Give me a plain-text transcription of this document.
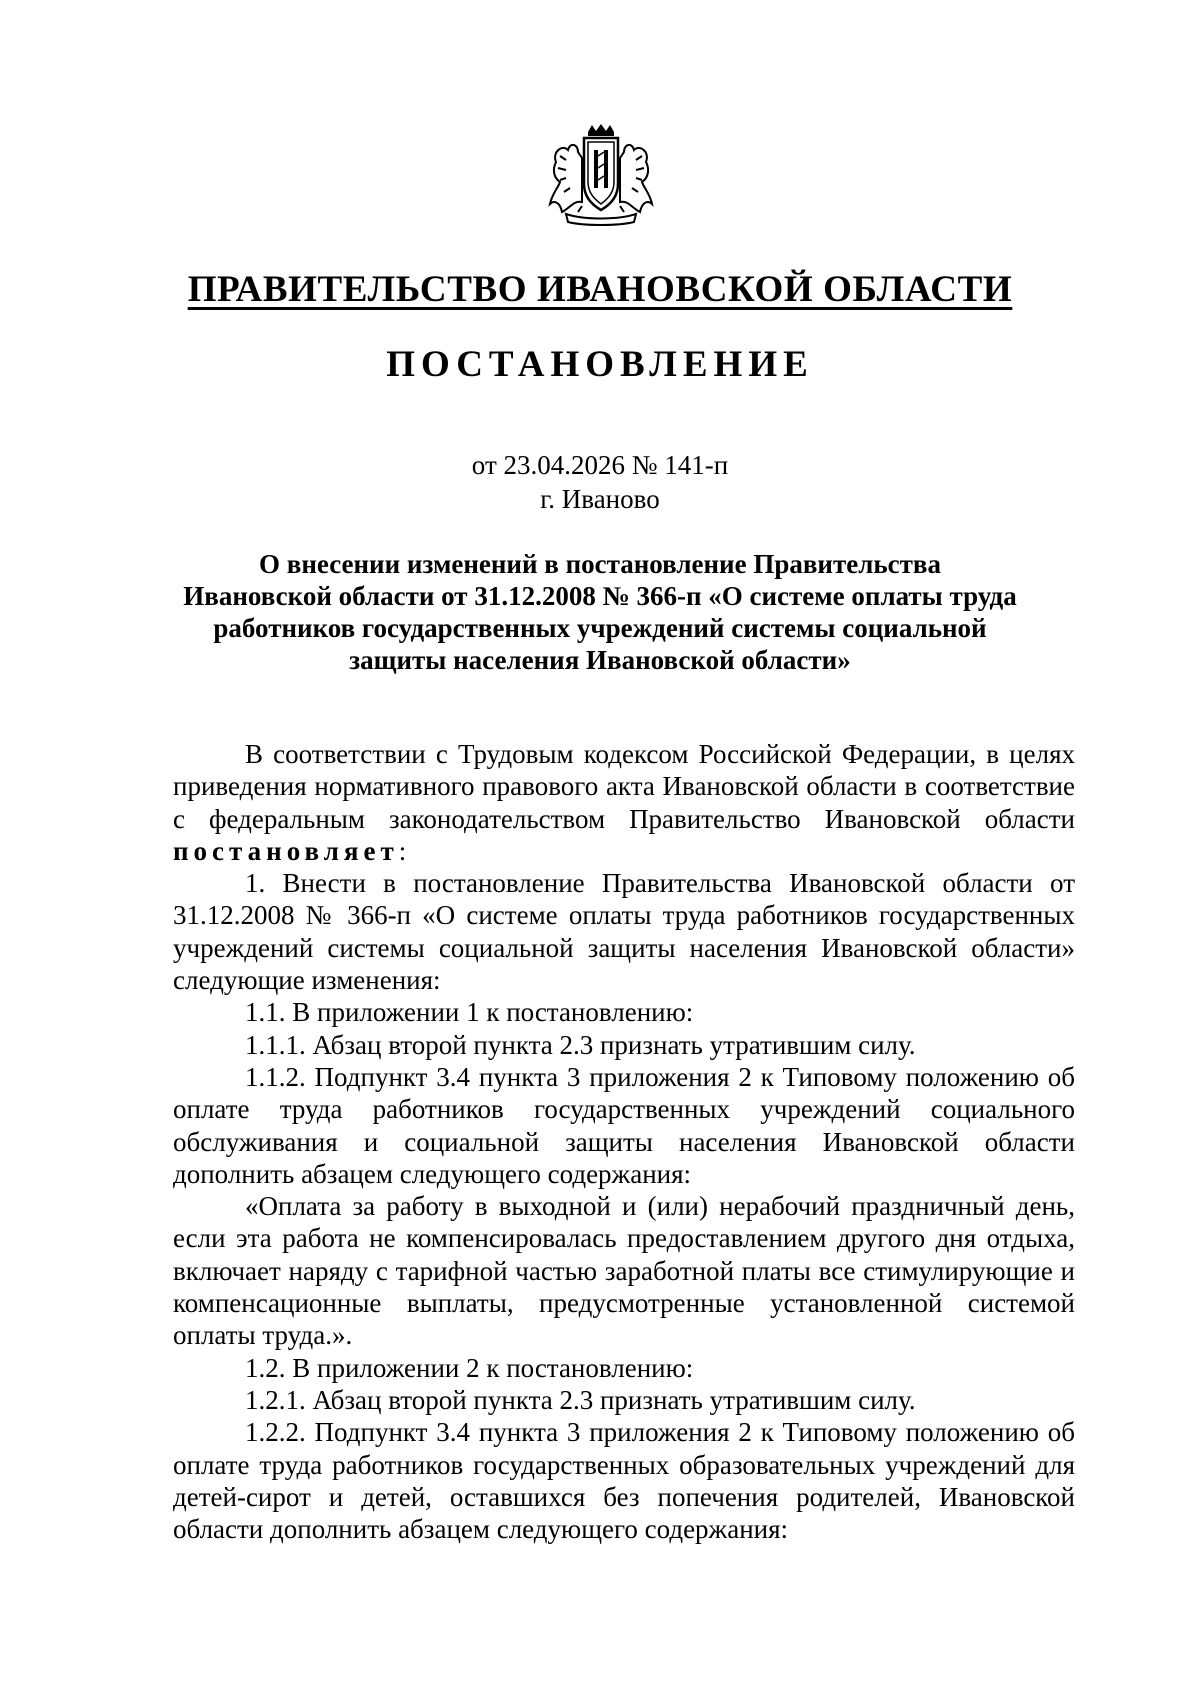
ПРАВИТЕЛЬСТВО ИВАНОВСКОЙ ОБЛАСТИ
ПОСТАНОВЛЕНИЕ
от 23.04.2026 № 141-п
г. Иваново
О внесении изменений в постановление Правительства
Ивановской области от 31.12.2008 № 366-п «О системе оплаты труда
работников государственных учреждений системы социальной
защиты населения Ивановской области»

В соответствии с Трудовым кодексом Российской Федерации, в целях приведения нормативного правового акта Ивановской области в соответствие с федеральным законодательством Правительство Ивановской области постановляет:

1. Внести в постановление Правительства Ивановской области от 31.12.2008 № 366-п «О системе оплаты труда работников государственных учреждений системы социальной защиты населения Ивановской области» следующие изменения:

1.1. В приложении 1 к постановлению:

1.1.1. Абзац второй пункта 2.3 признать утратившим силу.

1.1.2. Подпункт 3.4 пункта 3 приложения 2 к Типовому положению об оплате труда работников государственных учреждений социального обслуживания и социальной защиты населения Ивановской области дополнить абзацем следующего содержания:

«Оплата за работу в выходной и (или) нерабочий праздничный день, если эта работа не компенсировалась предоставлением другого дня отдыха, включает наряду с тарифной частью заработной платы все стимулирующие и компенсационные выплаты, предусмотренные установленной системой оплаты труда.».

1.2. В приложении 2 к постановлению:

1.2.1. Абзац второй пункта 2.3 признать утратившим силу.

1.2.2. Подпункт 3.4 пункта 3 приложения 2 к Типовому положению об оплате труда работников государственных образовательных учреждений для детей-сирот и детей, оставшихся без попечения родителей, Ивановской области дополнить абзацем следующего содержания:
